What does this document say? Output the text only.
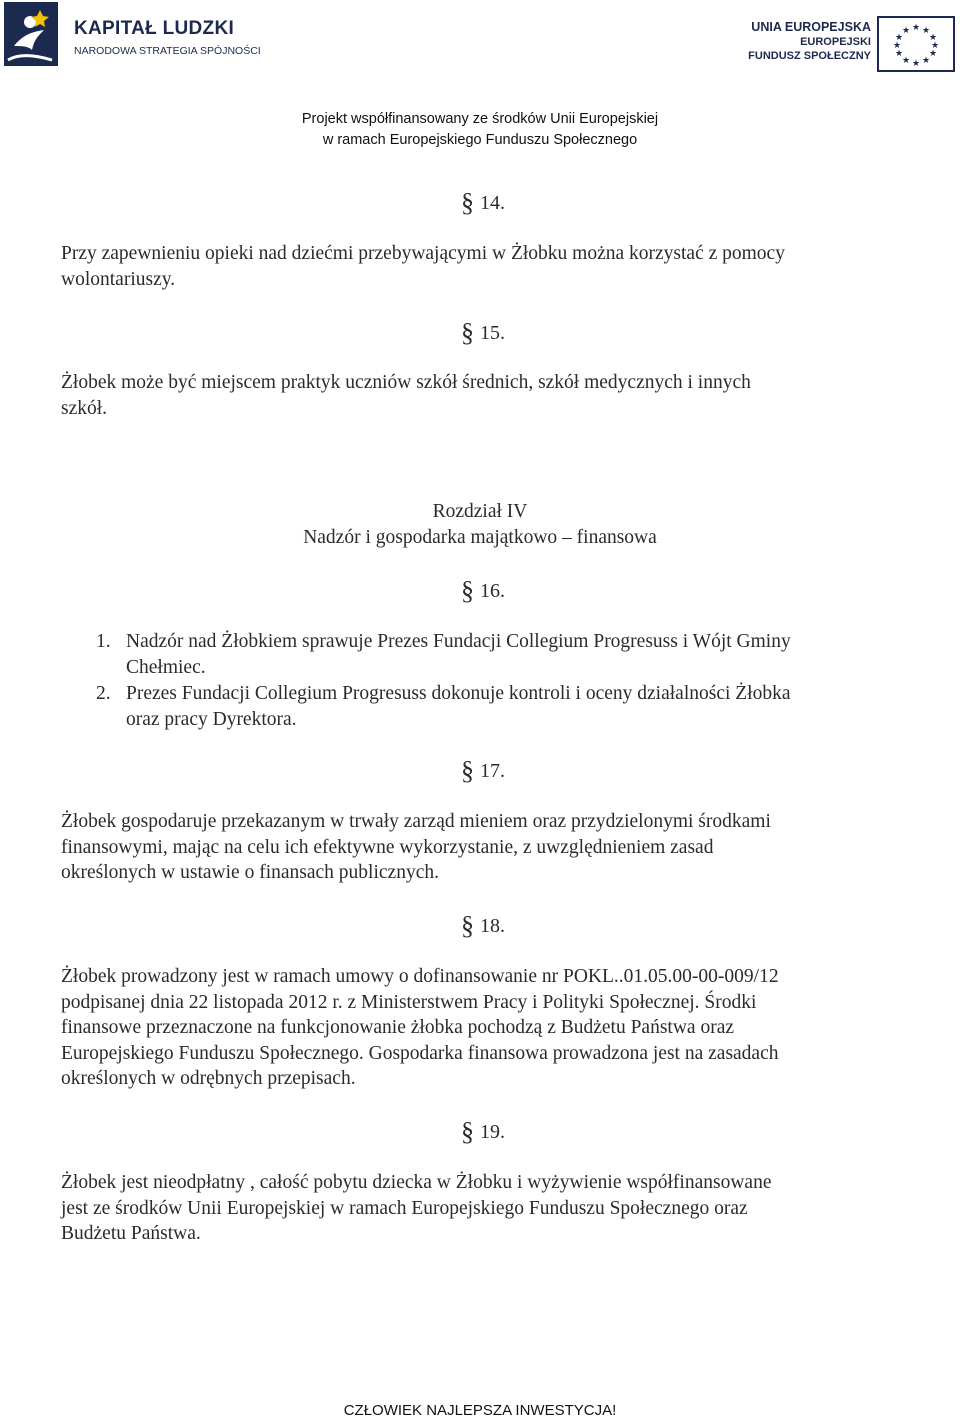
KAPITAŁ LUDZKI
NARODOWA STRATEGIA SPÓJNOŚCI
UNIA EUROPEJSKA
EUROPEJSKI
FUNDUSZ SPOŁECZNY
★ ★
★
★
★
★
★
★
★
★
★
★
Projekt współfinansowany ze środków Unii Europejskiej
w ramach Europejskiego Funduszu Społecznego
§ 14.
Przy zapewnieniu opieki nad dziećmi przebywającymi w Żłobku można korzystać z pomocy
wolontariuszy.
§ 15.
Żłobek może być miejscem praktyk uczniów szkół średnich, szkół medycznych i innych
szkół.
Rozdział IV
Nadzór i gospodarka majątkowo – finansowa
§ 16.
1. Nadzór nad Żłobkiem sprawuje Prezes Fundacji Collegium Progresuss i Wójt Gminy
Chełmiec.
2. Prezes Fundacji Collegium Progresuss dokonuje kontroli i oceny działalności Żłobka
oraz pracy Dyrektora.
§ 17.
Żłobek gospodaruje przekazanym w trwały zarząd mieniem oraz przydzielonymi środkami
finansowymi, mając na celu ich efektywne wykorzystanie, z uwzględnieniem zasad
określonych w ustawie o finansach publicznych.
§ 18.
Żłobek prowadzony jest w ramach umowy o dofinansowanie nr POKL..01.05.00-00-009/12
podpisanej dnia 22 listopada 2012 r. z Ministerstwem Pracy i Polityki Społecznej. Środki
finansowe przeznaczone na funkcjonowanie żłobka pochodzą z Budżetu Państwa oraz
Europejskiego Funduszu Społecznego. Gospodarka finansowa prowadzona jest na zasadach
określonych w odrębnych przepisach.
§ 19.
Żłobek jest nieodpłatny , całość pobytu dziecka w Żłobku i wyżywienie współfinansowane
jest ze środków Unii Europejskiej w ramach Europejskiego Funduszu Społecznego oraz
Budżetu Państwa.
CZŁOWIEK NAJLEPSZA INWESTYCJA!
